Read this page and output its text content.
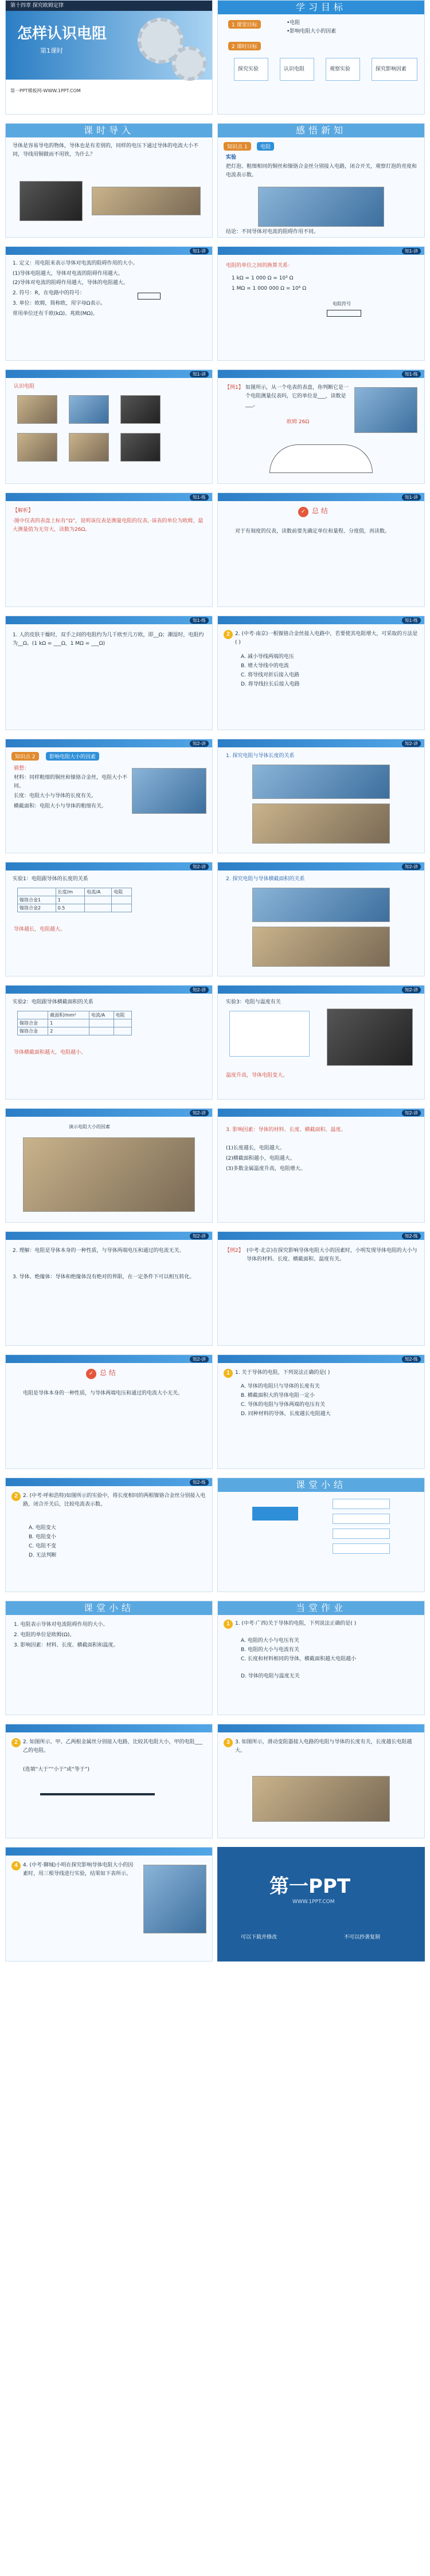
第十四章 探究欧姆定律
怎样认识电阻
第1课时
第一PPT模板网-WWW.1PPT.COM
学习目标
1 课堂目标	•电阻
•影响电阻大小的因素
2 课时目标
探究实验	认识电阻	观察实验	探究影响因素
课时导入
导体是容易导电的物体，导体也是有差别的，同样的电压下通过导体的电流大小不同，导线用铜做而不用铁，为什么？
感悟新知
知识点 1	电阻
实验
把灯泡、粗细相同的铜丝和镍铬合金丝分别接入电路，闭合开关，观察灯泡的亮度和电流表示数。
结论：不同导体对电流的阻碍作用不同。
知1-讲
1. 定义：用电阻来表示导体对电流的阻碍作用的大小。
(1)导体电阻越大，导体对电流的阻碍作用越大。
(2)导体对电流的阻碍作用越大，导体的电阻越大。
2. 符号：R，在电路中的符号：
3. 单位：欧姆，简称欧，用字母Ω表示。
常用单位还有千欧(kΩ)、兆欧(MΩ)。
知1-讲
电阻的单位之间的换算关系：
1 kΩ = 1 000 Ω = 10³ Ω
1 MΩ = 1 000 000 Ω = 10⁶ Ω
电阻符号
知1-讲
认识电阻
知1-练
【例1】 如图所示，从一个电表的表盘，你判断它是一个电阻测量仪表吗，它的单位是___，读数是___。
欧姆 26Ω
知1-练
【解析】
·图中仪表的表盘上标有“Ω”，说明该仪表是测量电阻的仪表。·该表的单位为欧姆，最大测量值为无穷大，读数为26Ω。
知1-讲
✓ 总 结
对于有刻度的仪表，读数前要先确定单位和量程、分度值，再读数。
知1-练
1. 人的皮肤干燥时，双手之间的电阻约为几千欧至几万欧，即__Ω；潮湿时，电阻约为__Ω。(1 kΩ = ___Ω，1 MΩ = ___Ω)
知1-练
2	2. (中考·南京)一根镍铬合金丝接入电路中，若要使其电阻增大，可采取的方法是( )
A. 减小导线两端的电压
B. 增大导线中的电流
C. 将导线对折后接入电路
D. 将导线拉长后接入电路
知2-讲
知识点 2	影响电阻大小的因素
猜想：
材料：同样粗细的铜丝和镍铬合金丝，电阻大小不同。
长度：电阻大小与导体的长度有关。
横截面积：电阻大小与导体的粗细有关。
知2-讲
1. 探究电阻与导体长度的关系
知2-讲
实验1：电阻跟导体的长度的关系
	长度/m	电流/A	电阻
镍铬合金1	1		
镍铬合金2	0.5		
导体越长，电阻越大。
知2-讲
2. 探究电阻与导体横截面积的关系
知2-讲
实验2：电阻跟导体横截面积的关系
	截面积/mm²	电流/A	电阻
镍铬合金	1		
镍铬合金	2		
导体横截面积越大，电阻越小。
知2-讲
实验3：电阻与温度有关
温度升高，导体电阻变大。
知2-讲
演示电阻大小的因素
知2-讲
3. 影响因素：导体的材料、长度、横截面积、温度。
(1)长度越长，电阻越大。
(2)横截面积越小，电阻越大。
(3)多数金属温度升高，电阻增大。
知2-讲
2. 理解：电阻是导体本身的一种性质，与导体两端电压和通过的电流无关。
3. 导体、绝缘体：导体和绝缘体没有绝对的界限，在一定条件下可以相互转化。
知2-练
【例2】 (中考·北京)在探究影响导体电阻大小的因素时，小明发现导体电阻的大小与导体的材料、长度、横截面积、温度有关。
知2-讲
✓ 总 结
电阻是导体本身的一种性质，与导体两端电压和通过的电流大小无关。
知2-练
1	1. 关于导体的电阻，下列说法正确的是( )
A. 导体的电阻只与导体的长度有关
B. 横截面积大的导体电阻一定小
C. 导体的电阻与导体两端的电压有关
D. 同种材料的导体，长度越长电阻越大
知2-练
2	2. (中考·呼和浩特)如图所示的实验中，将长度相同的两根镍铬合金丝分别接入电路，闭合开关后，比较电流表示数。
A. 电阻变大
B. 电阻变小
C. 电阻不变
D. 无法判断
课堂小结
课堂小结
1. 电阻表示导体对电流阻碍作用的大小。
2. 电阻的单位是欧姆(Ω)。
3. 影响因素：材料、长度、横截面积和温度。
当堂作业
1	1. (中考·广西)关于导体的电阻，下列说法正确的是( )
A. 电阻的大小与电压有关
B. 电阻的大小与电流有关
C. 长度和材料相同的导体，横截面积越大电阻越小
D. 导体的电阻与温度无关
2	2. 如图所示，甲、乙两根金属丝分别接入电路，比较其电阻大小，甲的电阻___乙的电阻。
(选填“大于”“小于”或“等于”)
3	3. 如图所示，滑动变阻器接入电路的电阻与导体的长度有关，长度越长电阻越大。
4	4. (中考·聊城)小明在探究影响导体电阻大小的因素时，用三根导线进行实验，结果如下表所示。
第一PPT
WWW.1PPT.COM
可以下载并修改	不可以抄袭复制
